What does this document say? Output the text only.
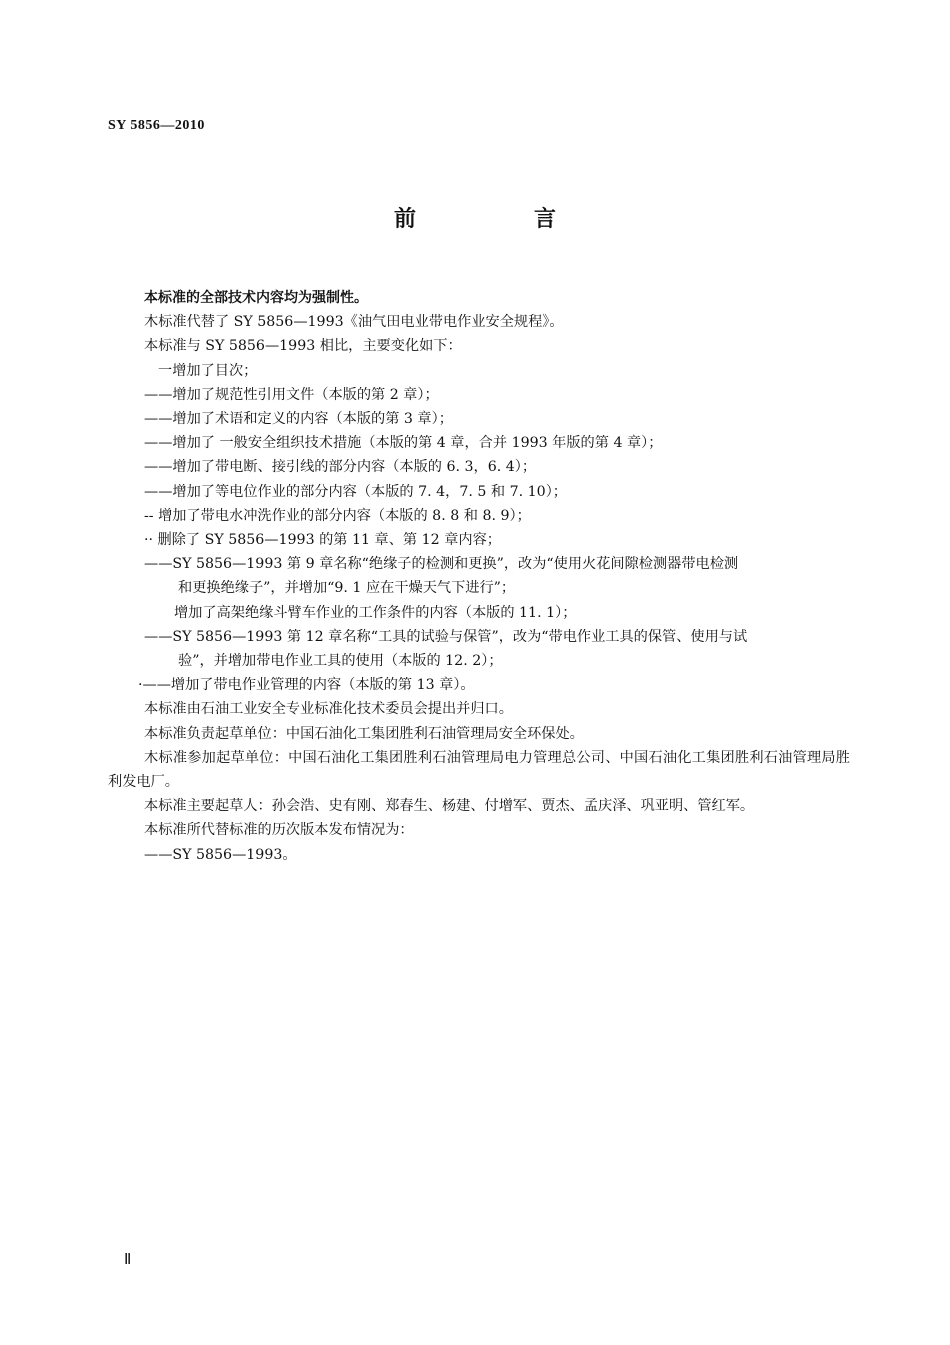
SY 5856—2010
前　言
本标准的全部技术内容均为强制性。
木标准代替了 SY 5856—1993《油气田电业带电作业安全规程》。
本标准与 SY 5856—1993 相比，主要变化如下：
一增加了目次；
——增加了规范性引用文件（本版的第 2 章）；
——增加了术语和定义的内容（本版的第 3 章）；
——增加了 一般安全组织技术措施（本版的第 4 章，合并 1993 年版的第 4 章）；
——增加了带电断、接引线的部分内容（本版的 6. 3，6. 4）；
——增加了等电位作业的部分内容（本版的 7. 4，7. 5 和 7. 10）；
-- 增加了带电水冲洗作业的部分内容（本版的 8. 8 和 8. 9）；
·· 删除了 SY 5856—1993 的第 11 章、第 12 章内容；
——SY 5856—1993 第 9 章名称“绝缘子的检测和更换”，改为“使用火花间隙检测器带电检测
和更换绝缘子”，并增加“9. 1 应在干燥天气下进行”；
增加了高架绝缘斗臂车作业的工作条件的内容（本版的 11. 1）；
——SY 5856—1993 第 12 章名称“工具的试验与保管”，改为“带电作业工具的保管、使用与试
验”，并增加带电作业工具的使用（本版的 12. 2）；
·——增加了带电作业管理的内容（本版的第 13 章）。
本标准由石油工业安全专业标准化技术委员会提出并归口。
本标准负责起草单位：中国石油化工集团胜利石油管理局安全环保处。
木标准参加起草单位：中国石油化工集团胜利石油管理局电力管理总公司、中国石油化工集团胜利石油管理局胜利发电厂。
本标准主要起草人：孙会浩、史有刚、郑春生、杨建、付增军、贾杰、孟庆泽、巩亚明、管红军。
本标准所代替标准的历次版本发布情况为：
——SY 5856—1993。
Ⅱ
